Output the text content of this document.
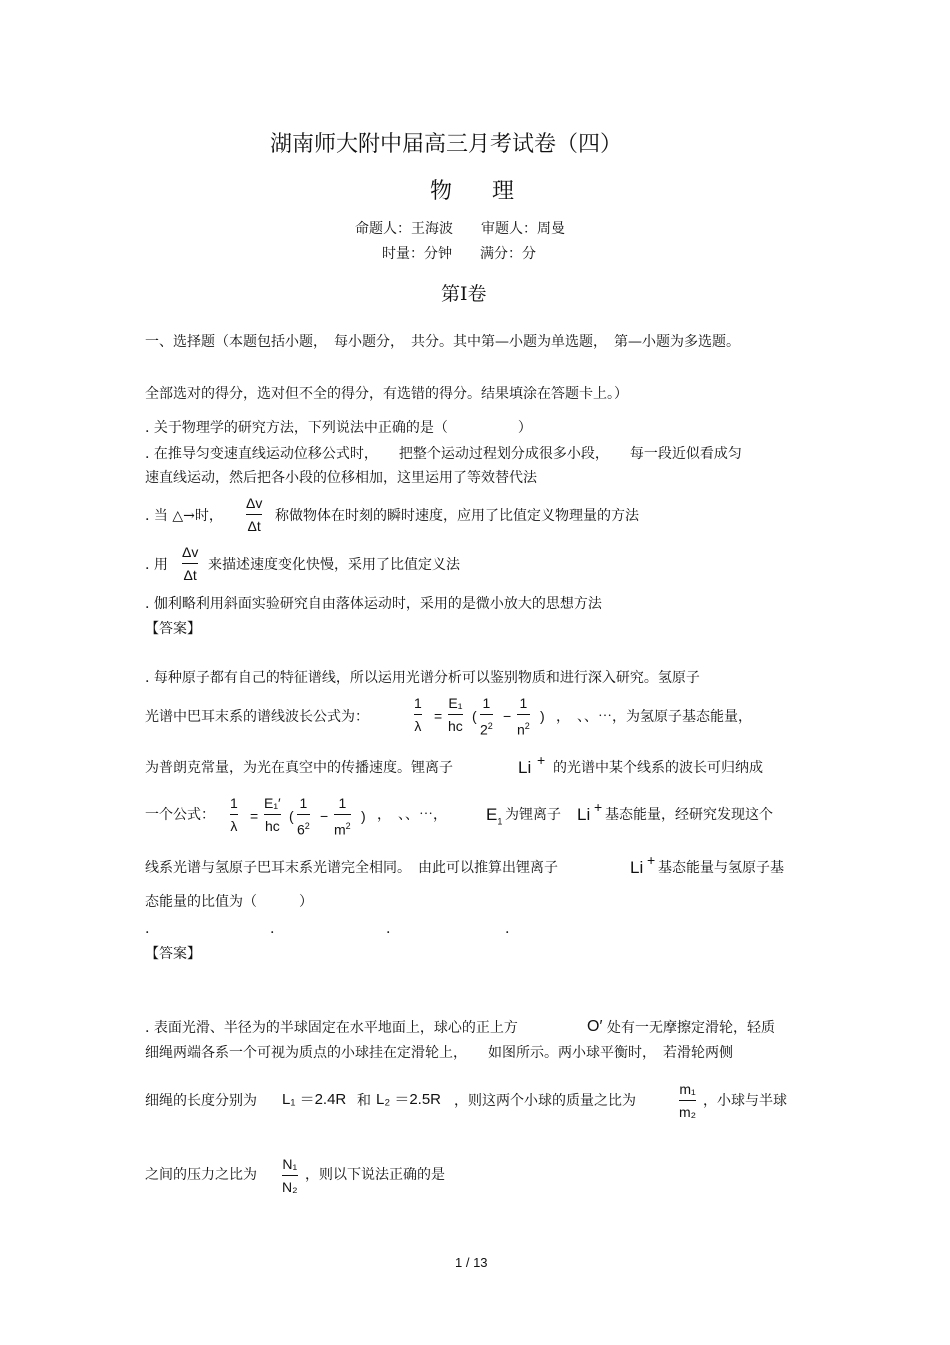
湖南师大附中届高三月考试卷（四）
物理
命题人：王海波　　审题人：周曼
时量：分钟　　满分：分
第Ⅰ卷
一、选择题（本题包括小题，　每小题分，　共分。其中第—小题为单选题，　第—小题为多选题。
全部选对的得分，选对但不全的得分，有选错的得分。结果填涂在答题卡上。）
. 关于物理学的研究方法，下列说法中正确的是（　　　　　）
. 在推导匀变速直线运动位移公式时，　　把整个运动过程划分成很多小段，　　每一段近似看成匀
速直线运动，然后把各小段的位移相加，这里运用了等效替代法
. 当 △→时，
Δv
Δt
称做物体在时刻的瞬时速度，应用了比值定义物理量的方法
. 用
Δv
Δt
来描述速度变化快慢，采用了比值定义法
. 伽利略利用斜面实验研究自由落体运动时，采用的是微小放大的思想方法
【答案】
. 每种原子都有自己的特征谱线，所以运用光谱分析可以鉴别物质和进行深入研究。氢原子
光谱中巴耳末系的谱线波长公式为：
1
λ
=
E₁
hc
(
1
$2^2$
−
1
$n^2$
) ，　、、⋯，为氢原子基态能量，
为普朗克常量，为光在真空中的传播速度。锂离子	Li + 的光谱中某个线系的波长可归纳成
一个公式：
1
λ
=
E₁′
hc
(
1
$6^2$
−
1
$m^2$
) ，　、、⋯， $E_1$ 为锂离子 Li + 基态能量，经研究发现这个
线系光谱与氢原子巴耳末系光谱完全相同。　由此可以推算出锂离子	Li + 基态能量与氢原子基
态能量的比值为（　　　）
.	.	.	.
【答案】
. 表面光滑、半径为的半球固定在水平地面上，球心的正上方	O′ 处有一无摩擦定滑轮，轻质
细绳两端各系一个可视为质点的小球挂在定滑轮上，　　如图所示。两小球平衡时，　若滑轮两侧
细绳的长度分别为 L₁ ＝2.4R 和 L₂ ＝2.5R ，则这两个小球的质量之比为
m₁
m₂
，小球与半球
之间的压力之比为
N₁
N₂
，则以下说法正确的是
1 / 13
